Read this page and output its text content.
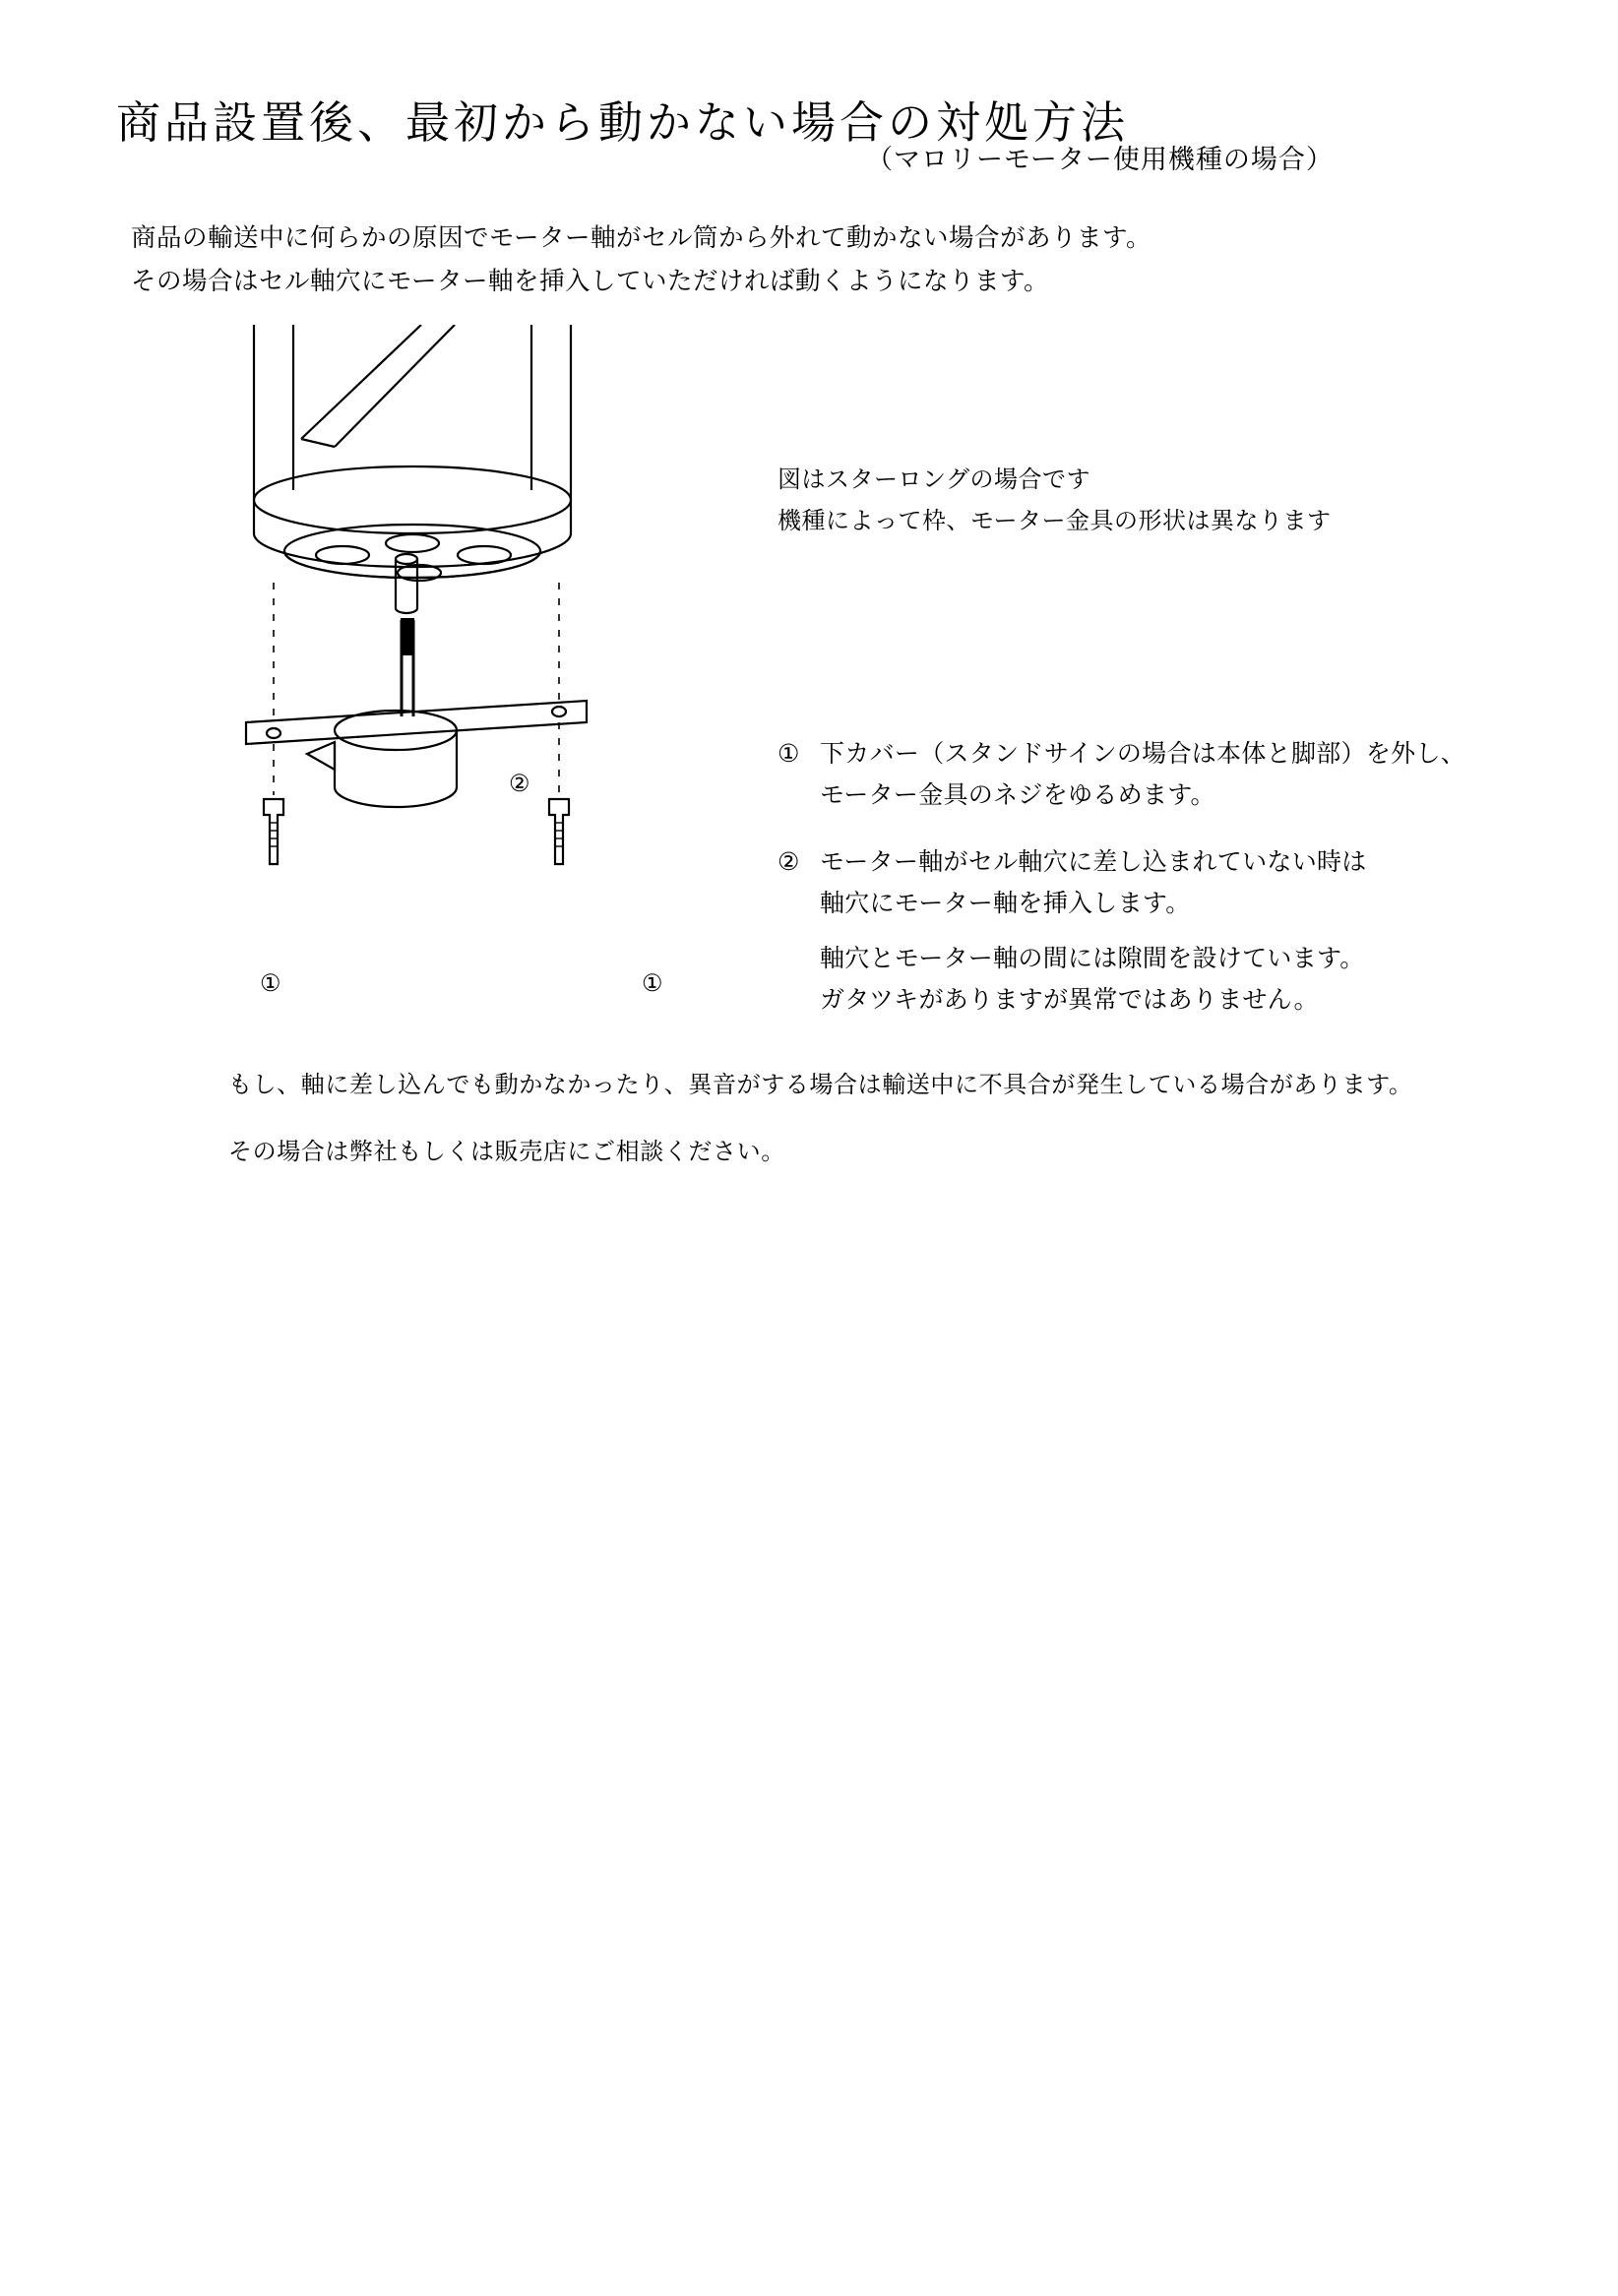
商品設置後、最初から動かない場合の対処方法
（マロリーモーター使用機種の場合）
商品の輸送中に何らかの原因でモーター軸がセル筒から外れて動かない場合があります。
その場合はセル軸穴にモーター軸を挿入していただければ動くようになります。
図はスターロングの場合です
機種によって枠、モーター金具の形状は異なります
① 下カバー（スタンドサインの場合は本体と脚部）を外し、
モーター金具のネジをゆるめます。
② モーター軸がセル軸穴に差し込まれていない時は
軸穴にモーター軸を挿入します。
軸穴とモーター軸の間には隙間を設けています。
ガタツキがありますが異常ではありません。
もし、軸に差し込んでも動かなかったり、異音がする場合は輸送中に不具合が発生している場合があります。
その場合は弊社もしくは販売店にご相談ください。
①	①
②
